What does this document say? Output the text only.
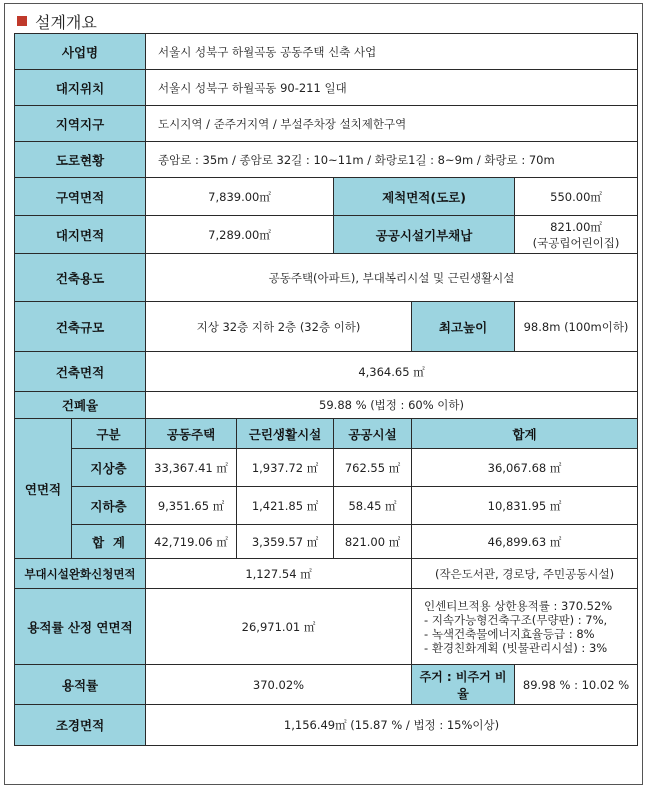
설계개요
사업명		서울시 성북구 하월곡동 공동주택 신축 사업				
대지위치		서울시 성북구 하월곡동 90-211 일대				
지역지구		도시지역 / 준주거지역 / 부설주차장 설치제한구역				
도로현황		종암로 : 35m / 종암로 32길 : 10~11m / 화랑로1길 : 8~9m / 화랑로 : 70m				
구역면적		7,839.00㎡		제척면적(도로)		550.00㎡
대지면적		7,289.00㎡		공공시설기부채납		821.00㎡
(국공립어린이집)

건축용도		공동주택(아파트), 부대복리시설 및 근린생활시설				
건축규모		지상 32층 지하 2층 (32층 이하)			최고높이	98.8m (100m이하)
건축면적		4,364.65 ㎡				
건폐율		59.88 % (법정 : 60% 이하)				
연면적	구분	공동주택	근린생활시설	공공시설	합계	
	지상층	33,367.41 ㎡	1,937.72 ㎡	762.55 ㎡	36,067.68 ㎡	
	지하층	9,351.65 ㎡	1,421.85 ㎡	58.45 ㎡	10,831.95 ㎡	
	합  계	42,719.06 ㎡	3,359.57 ㎡	821.00 ㎡	46,899.63 ㎡	
부대시설완화신청면적		1,127.54 ㎡			(작은도서관, 경로당, 주민공동시설)	
용적률 산정 연면적		26,971.01 ㎡			인센티브적용 상한용적률 : 370.52%
- 지속가능형건축구조(무량판) : 7%,
- 녹색건축물에너지효율등급 : 8%
- 환경친화계획 (빗물관리시설) : 3%	

용적률		370.02%			주거 : 비주거 비율	89.98 % : 10.02 %
조경면적		1,156.49㎡ (15.87 % / 법정 : 15%이상)				
